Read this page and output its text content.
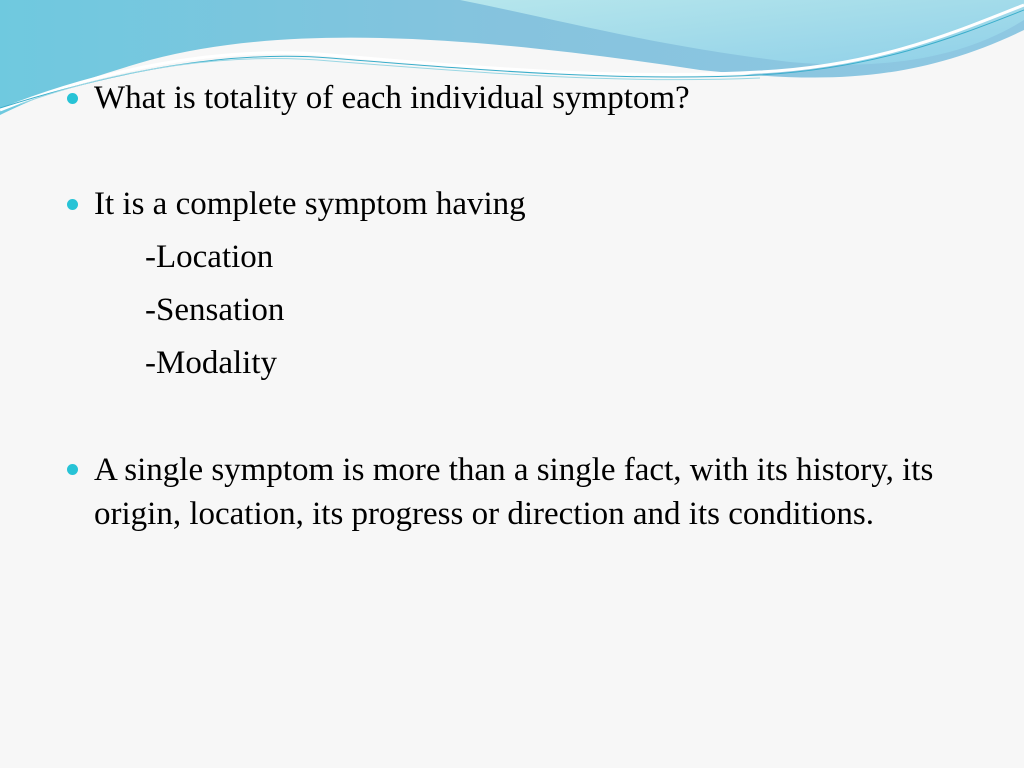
What is totality of each individual symptom?
It is a complete symptom having
-Location
-Sensation
-Modality
A single symptom is more than a single fact, with its history, its origin, location, its progress or direction and its conditions.
